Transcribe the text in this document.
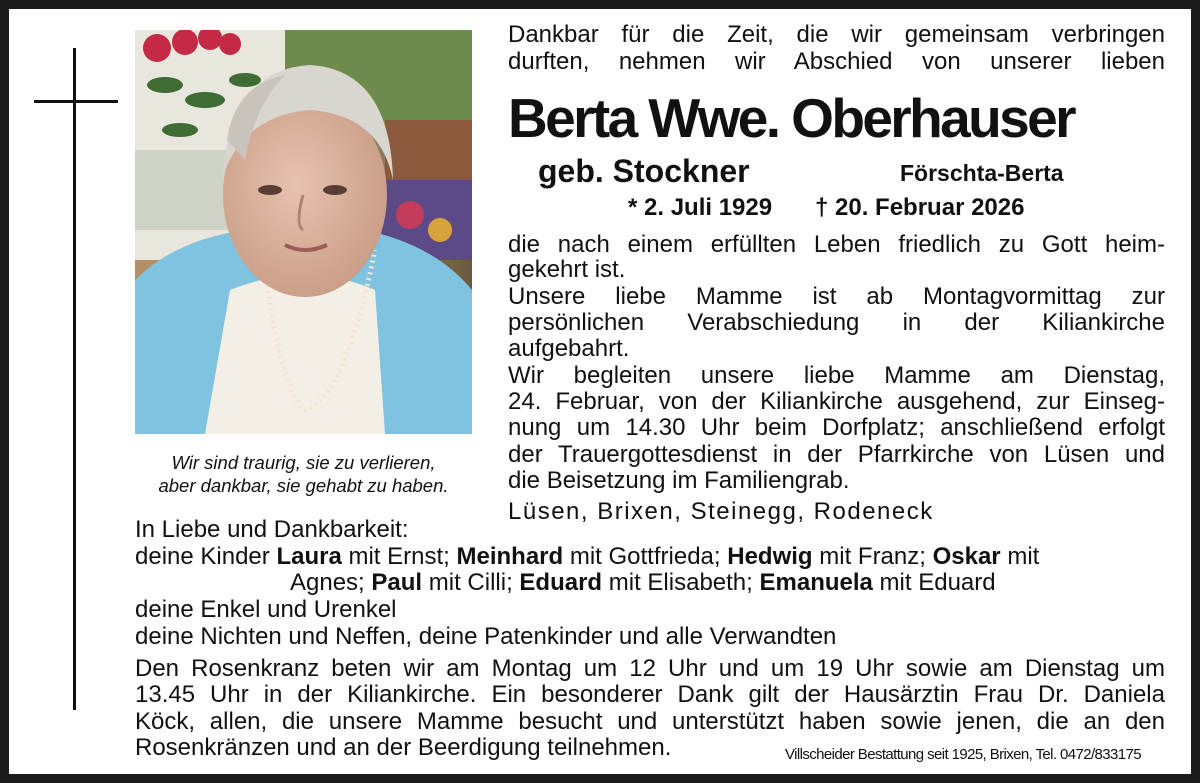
Wir sind traurig, sie zu verlieren,
aber dankbar, sie gehabt zu haben.

Dankbar für die Zeit, die wir gemeinsam verbringen

durften, nehmen wir Abschied von unserer lieben

Berta Wwe. Oberhauser

geb. Stockner	Förschta-Berta

* 2. Juli 1929 † 20. Februar 2026

die nach einem erfüllten Leben friedlich zu Gott heim-

gekehrt ist.

Unsere liebe Mamme ist ab Montagvormittag zur

persönlichen Verabschiedung in der Kiliankirche

aufgebahrt.

Wir begleiten unsere liebe Mamme am Dienstag,

24. Februar, von der Kiliankirche ausgehend, zur Einseg-

nung um 14.30 Uhr beim Dorfplatz; anschließend erfolgt

der Trauergottesdienst in der Pfarrkirche von Lüsen und

die Beisetzung im Familiengrab.

Lüsen, Brixen, Steinegg, Rodeneck

In Liebe und Dankbarkeit:

deine Kinder Laura mit Ernst; Meinhard mit Gottfrieda; Hedwig mit Franz; Oskar mit

Agnes; Paul mit Cilli; Eduard mit Elisabeth; Emanuela mit Eduard

deine Enkel und Urenkel

deine Nichten und Neffen, deine Patenkinder und alle Verwandten

Den Rosenkranz beten wir am Montag um 12 Uhr und um 19 Uhr sowie am Dienstag um

13.45 Uhr in der Kiliankirche. Ein besonderer Dank gilt der Hausärztin Frau Dr. Daniela

Köck, allen, die unsere Mamme besucht und unterstützt haben sowie jenen, die an den

Rosenkränzen und an der Beerdigung teilnehmen.	Villscheider Bestattung seit 1925, Brixen, Tel. 0472/833175
